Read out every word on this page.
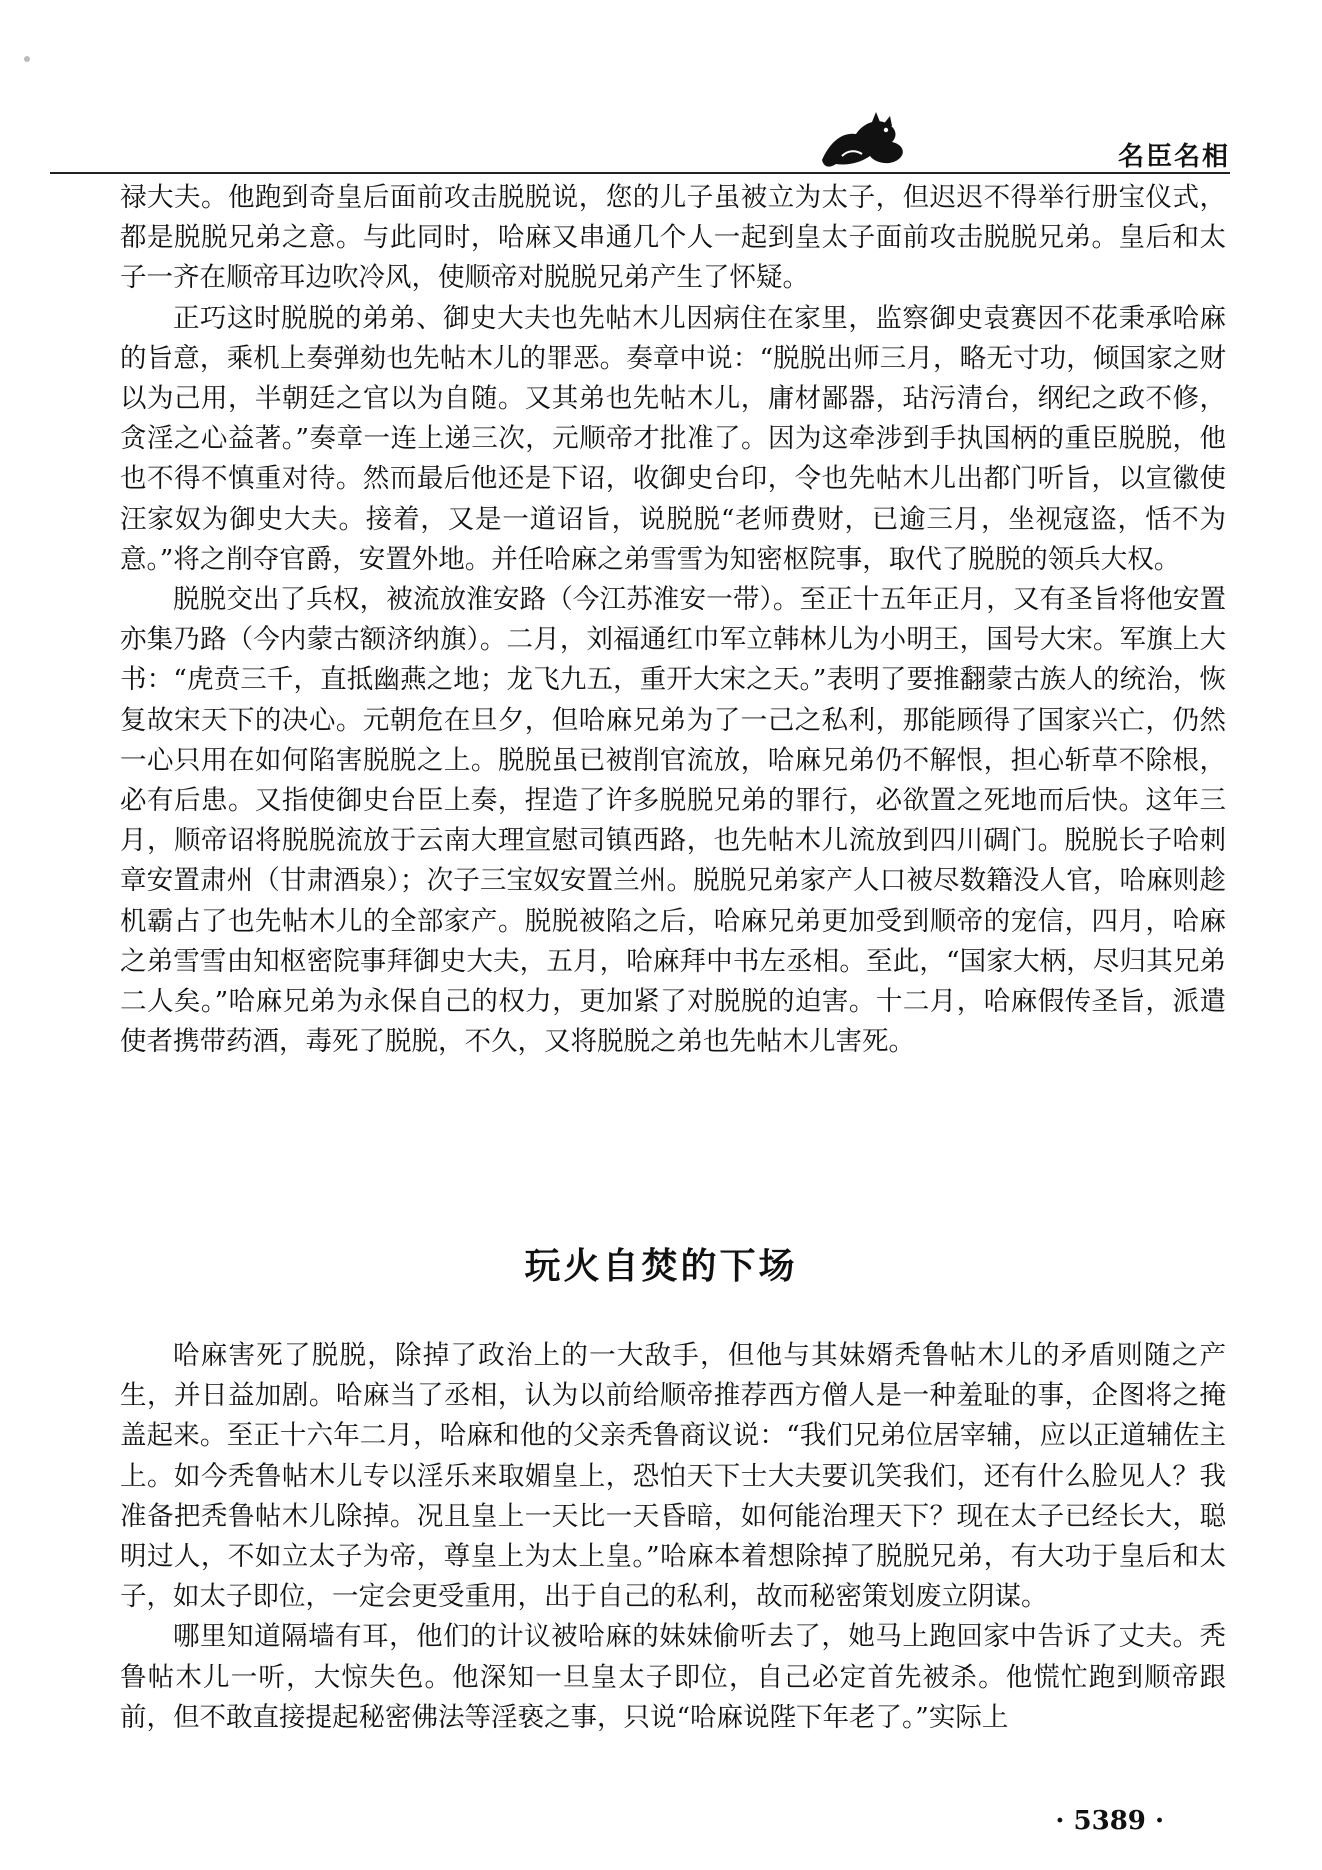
名臣名相

禄大夫。他跑到奇皇后面前攻击脱脱说，您的儿子虽被立为太子，但迟迟不得举行册宝仪式，都是脱脱兄弟之意。与此同时，哈麻又串通几个人一起到皇太子面前攻击脱脱兄弟。皇后和太子一齐在顺帝耳边吹冷风，使顺帝对脱脱兄弟产生了怀疑。

正巧这时脱脱的弟弟、御史大夫也先帖木儿因病住在家里，监察御史袁赛因不花秉承哈麻的旨意，乘机上奏弹劾也先帖木儿的罪恶。奏章中说：“脱脱出师三月，略无寸功，倾国家之财以为己用，半朝廷之官以为自随。又其弟也先帖木儿，庸材鄙器，玷污清台，纲纪之政不修，贪淫之心益著。”奏章一连上递三次，元顺帝才批准了。因为这牵涉到手执国柄的重臣脱脱，他也不得不慎重对待。然而最后他还是下诏，收御史台印，令也先帖木儿出都门听旨，以宣徽使汪家奴为御史大夫。接着，又是一道诏旨，说脱脱“老师费财，已逾三月，坐视寇盗，恬不为意。”将之削夺官爵，安置外地。并任哈麻之弟雪雪为知密枢院事，取代了脱脱的领兵大权。

脱脱交出了兵权，被流放淮安路（今江苏淮安一带）。至正十五年正月，又有圣旨将他安置亦集乃路（今内蒙古额济纳旗）。二月，刘福通红巾军立韩林儿为小明王，国号大宋。军旗上大书：“虎贲三千，直抵幽燕之地；龙飞九五，重开大宋之天。”表明了要推翻蒙古族人的统治，恢复故宋天下的决心。元朝危在旦夕，但哈麻兄弟为了一己之私利，那能顾得了国家兴亡，仍然一心只用在如何陷害脱脱之上。脱脱虽已被削官流放，哈麻兄弟仍不解恨，担心斩草不除根，必有后患。又指使御史台臣上奏，捏造了许多脱脱兄弟的罪行，必欲置之死地而后快。这年三月，顺帝诏将脱脱流放于云南大理宣慰司镇西路，也先帖木儿流放到四川碉门。脱脱长子哈刺章安置肃州（甘肃酒泉）；次子三宝奴安置兰州。脱脱兄弟家产人口被尽数籍没人官，哈麻则趁机霸占了也先帖木儿的全部家产。脱脱被陷之后，哈麻兄弟更加受到顺帝的宠信，四月，哈麻之弟雪雪由知枢密院事拜御史大夫，五月，哈麻拜中书左丞相。至此，“国家大柄，尽归其兄弟二人矣。”哈麻兄弟为永保自己的权力，更加紧了对脱脱的迫害。十二月，哈麻假传圣旨，派遣使者携带药酒，毒死了脱脱，不久，又将脱脱之弟也先帖木儿害死。

玩火自焚的下场

哈麻害死了脱脱，除掉了政治上的一大敌手，但他与其妹婿秃鲁帖木儿的矛盾则随之产生，并日益加剧。哈麻当了丞相，认为以前给顺帝推荐西方僧人是一种羞耻的事，企图将之掩盖起来。至正十六年二月，哈麻和他的父亲秃鲁商议说：“我们兄弟位居宰辅，应以正道辅佐主上。如今秃鲁帖木儿专以淫乐来取媚皇上，恐怕天下士大夫要讥笑我们，还有什么脸见人？我准备把秃鲁帖木儿除掉。况且皇上一天比一天昏暗，如何能治理天下？现在太子已经长大，聪明过人，不如立太子为帝，尊皇上为太上皇。”哈麻本着想除掉了脱脱兄弟，有大功于皇后和太子，如太子即位，一定会更受重用，出于自己的私利，故而秘密策划废立阴谋。

哪里知道隔墙有耳，他们的计议被哈麻的妹妹偷听去了，她马上跑回家中告诉了丈夫。秃鲁帖木儿一听，大惊失色。他深知一旦皇太子即位，自己必定首先被杀。他慌忙跑到顺帝跟前，但不敢直接提起秘密佛法等淫亵之事，只说“哈麻说陛下年老了。”实际上

· 5389 ·
